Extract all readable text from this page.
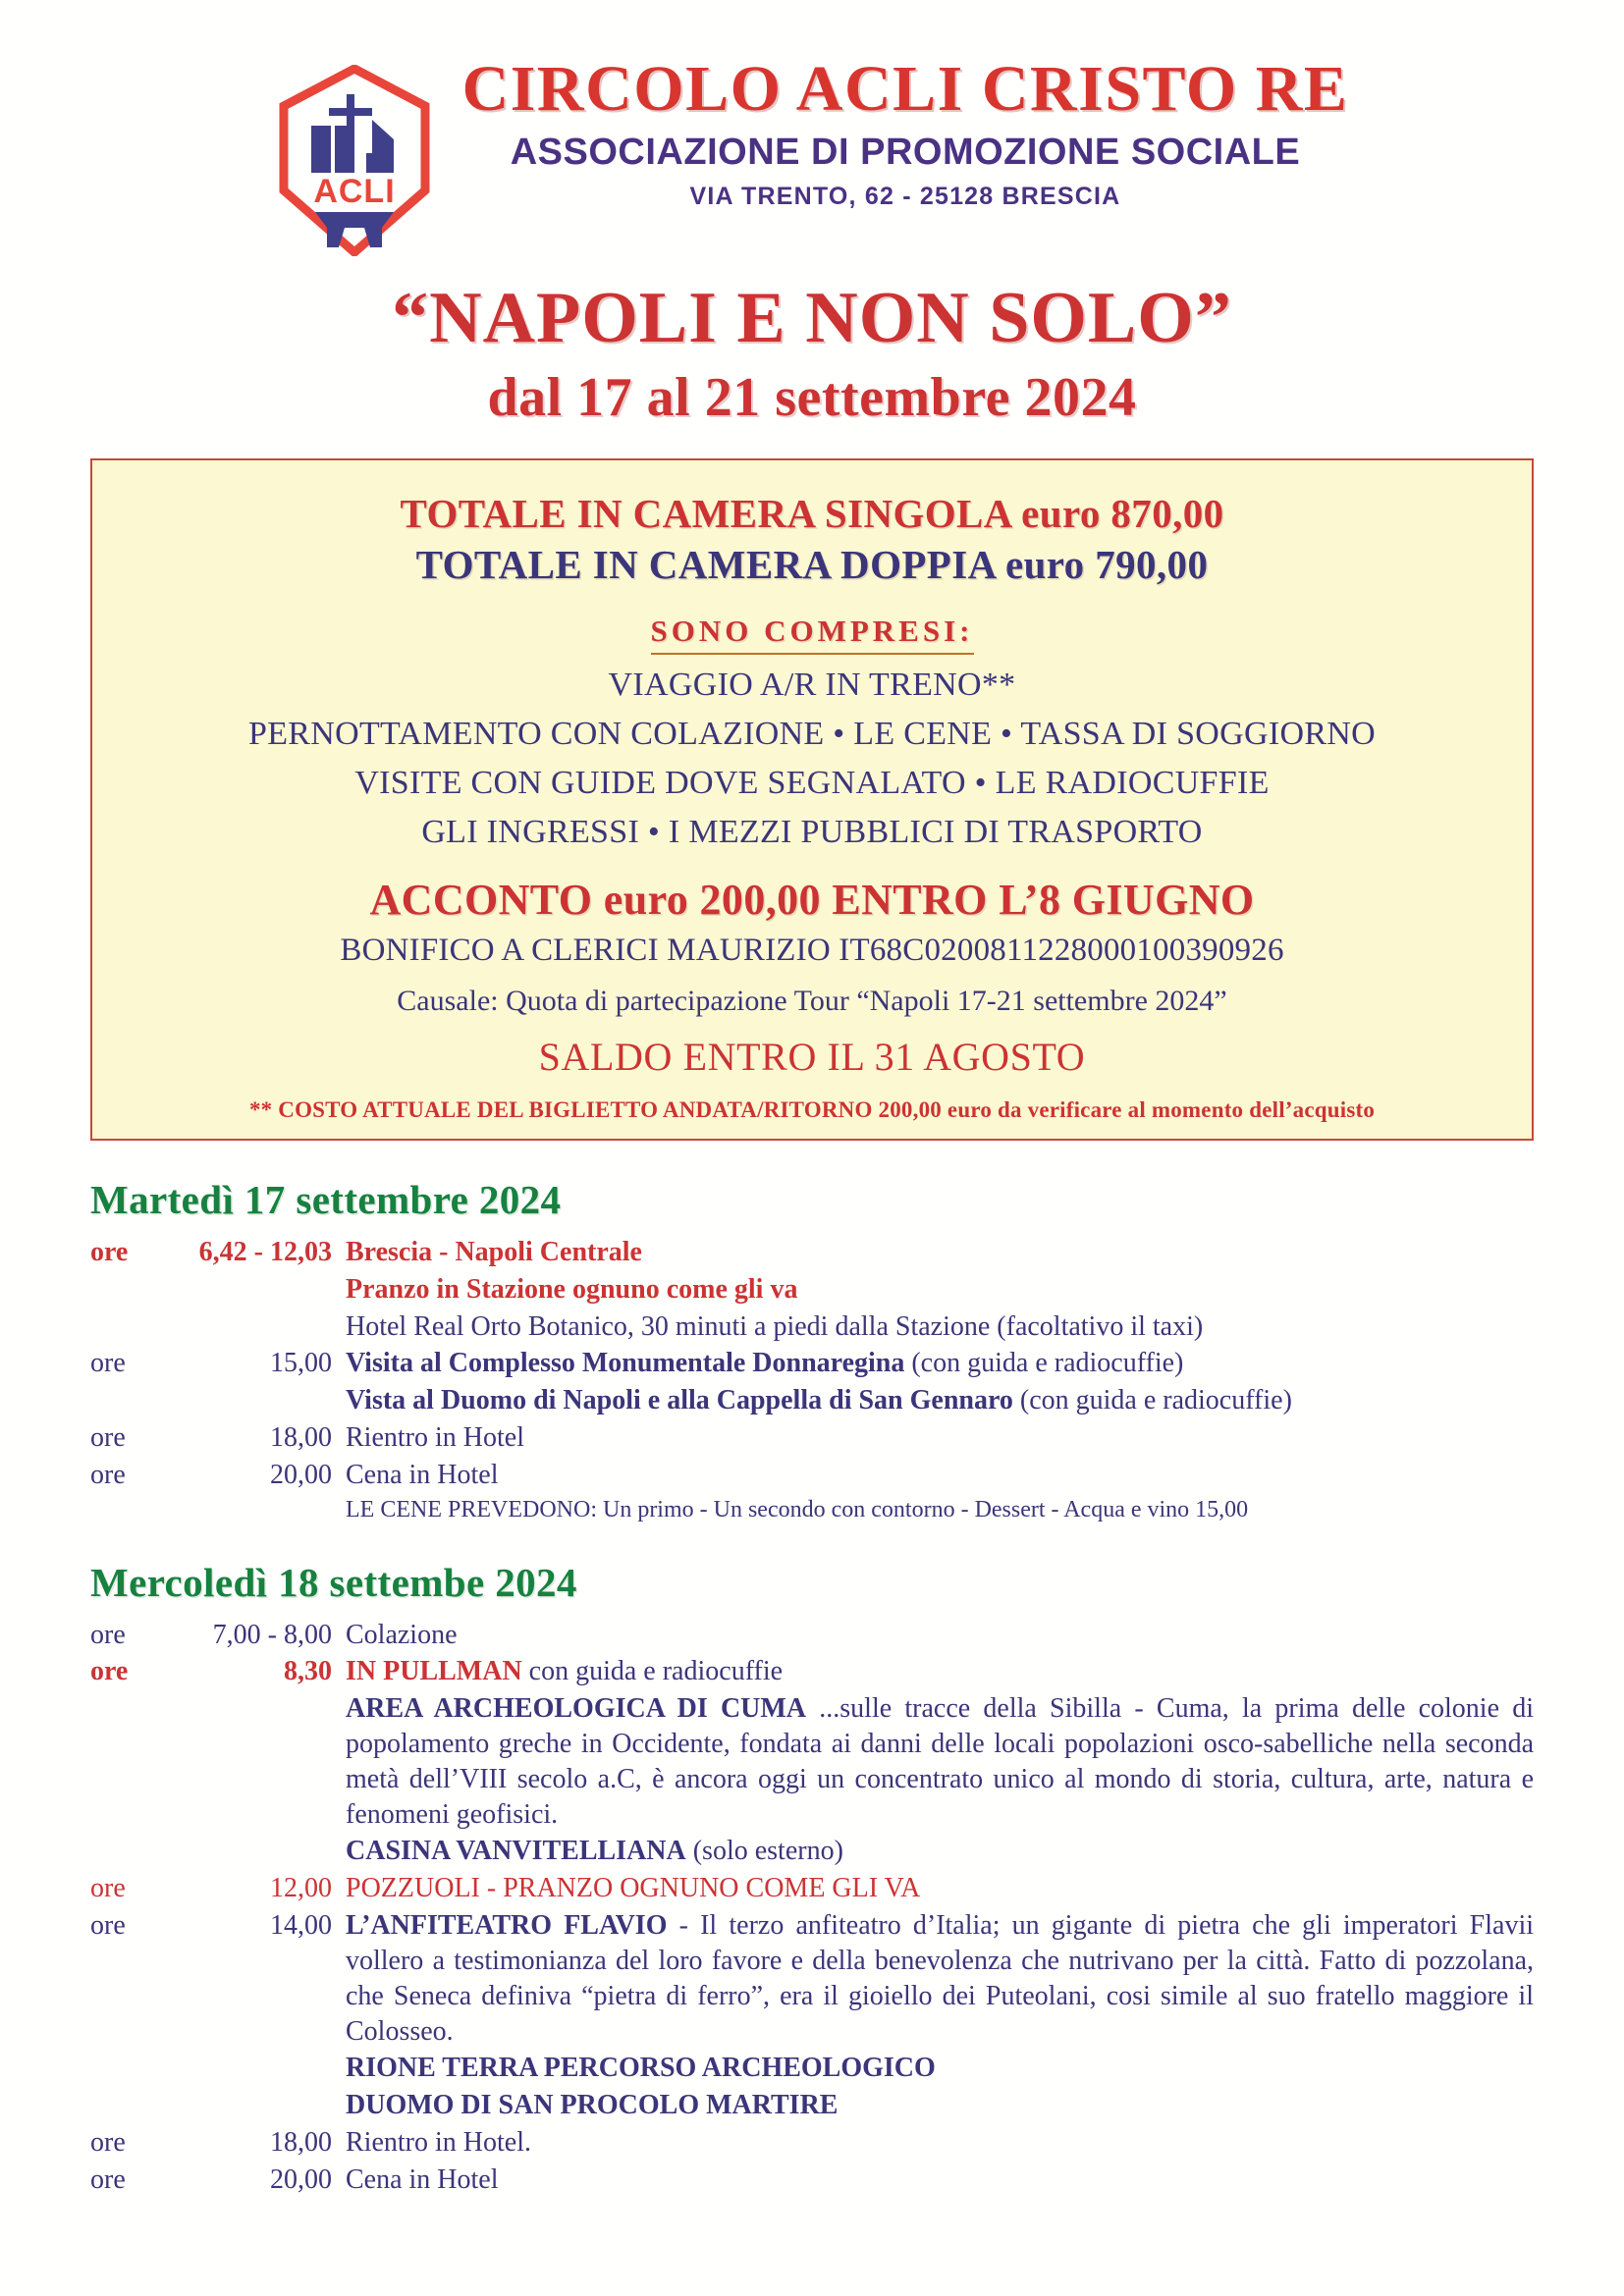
ACLI
CIRCOLO ACLI CRISTO RE
ASSOCIAZIONE DI PROMOZIONE SOCIALE
VIA TRENTO, 62 - 25128 BRESCIA
“NAPOLI E NON SOLO”
dal 17 al 21 settembre 2024
TOTALE IN CAMERA SINGOLA euro 870,00
TOTALE IN CAMERA DOPPIA euro 790,00
SONO COMPRESI:
VIAGGIO A/R IN TRENO**
PERNOTTAMENTO CON COLAZIONE • LE CENE • TASSA DI SOGGIORNO
VISITE CON GUIDE DOVE SEGNALATO • LE RADIOCUFFIE
GLI INGRESSI • I MEZZI PUBBLICI DI TRASPORTO
ACCONTO euro 200,00 ENTRO L’8 GIUGNO
BONIFICO A CLERICI MAURIZIO IT68C0200811228000100390926
Causale: Quota di partecipazione Tour “Napoli 17-21 settembre 2024”
SALDO ENTRO IL 31 AGOSTO
** COSTO ATTUALE DEL BIGLIETTO ANDATA/RITORNO 200,00 euro da verificare al momento dell’acquisto
Martedì 17 settembre 2024
ore	6,42 - 12,03 Brescia - Napoli Centrale
Pranzo in Stazione ognuno come gli va
Hotel Real Orto Botanico, 30 minuti a piedi dalla Stazione (facoltativo il taxi)
ore	15,00 Visita al Complesso Monumentale Donnaregina (con guida e radiocuffie)
Vista al Duomo di Napoli e alla Cappella di San Gennaro (con guida e radiocuffie)
ore	18,00 Rientro in Hotel
ore	20,00 Cena in Hotel
LE CENE PREVEDONO: Un primo - Un secondo con contorno - Dessert - Acqua e vino 15,00
Mercoledì 18 settembe 2024
ore	7,00 - 8,00 Colazione
ore	8,30 IN PULLMAN con guida e radiocuffie
AREA ARCHEOLOGICA DI CUMA ...sulle tracce della Sibilla - Cuma, la prima delle colonie di popolamento greche in Occidente, fondata ai danni delle locali popolazioni osco-sabelliche nella seconda metà dell’VIII secolo a.C, è ancora oggi un concentrato unico al mondo di storia, cultura, arte, natura e fenomeni geofisici.
CASINA VANVITELLIANA (solo esterno)
ore	12,00 POZZUOLI - PRANZO OGNUNO COME GLI VA
ore	14,00 L’ANFITEATRO FLAVIO - Il terzo anfiteatro d’Italia; un gigante di pietra che gli imperatori Flavii vollero a testimonianza del loro favore e della benevolenza che nutrivano per la città. Fatto di pozzolana, che Seneca definiva “pietra di ferro”, era il gioiello dei Puteolani, cosi simile al suo fratello maggiore il Colosseo.
RIONE TERRA PERCORSO ARCHEOLOGICO
DUOMO DI SAN PROCOLO MARTIRE
ore	18,00 Rientro in Hotel.
ore	20,00 Cena in Hotel
